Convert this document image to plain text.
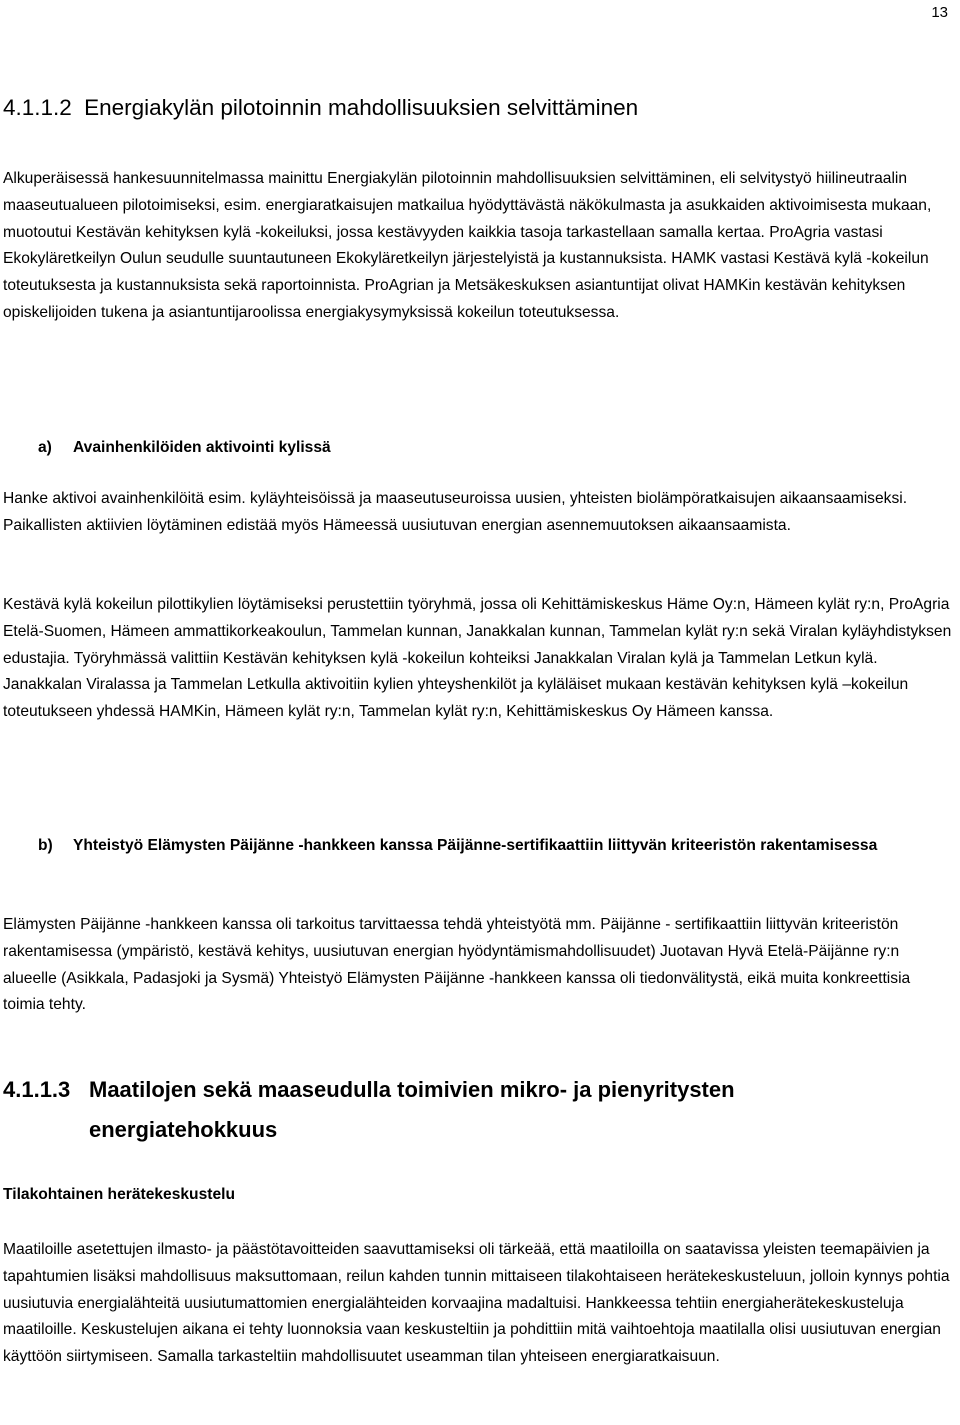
13
4.1.1.2 Energiakylän pilotoinnin mahdollisuuksien selvittäminen

Alkuperäisessä hankesuunnitelmassa mainittu Energiakylän pilotoinnin mahdollisuuksien selvittäminen, eli selvitystyö hiilineutraalin maaseutualueen pilotoimiseksi, esim. energiaratkaisujen matkailua hyödyttävästä näkökulmasta ja asukkaiden aktivoimisesta mukaan, muotoutui Kestävän kehityksen kylä -kokeiluksi, jossa kestävyyden kaikkia tasoja tarkastellaan samalla kertaa. ProAgria vastasi Ekokyläretkeilyn Oulun seudulle suuntautuneen Ekokyläretkeilyn järjestelyistä ja kustannuksista. HAMK vastasi Kestävä kylä -kokeilun toteutuksesta ja kustannuksista sekä raportoinnista. ProAgrian ja Metsäkeskuksen asiantuntijat olivat HAMKin kestävän kehityksen opiskelijoiden tukena ja asiantuntijaroolissa energiakysymyksissä kokeilun toteutuksessa.

a)	Avainhenkilöiden aktivointi kylissä

Hanke aktivoi avainhenkilöitä esim. kyläyhteisöissä ja maaseutuseuroissa uusien, yhteisten biolämpöratkaisujen aikaansaamiseksi. Paikallisten aktiivien löytäminen edistää myös Hämeessä uusiutuvan energian asennemuutoksen aikaansaamista.

Kestävä kylä kokeilun pilottikylien löytämiseksi perustettiin työryhmä, jossa oli Kehittämiskeskus Häme Oy:n, Hämeen kylät ry:n, ProAgria Etelä-Suomen, Hämeen ammattikorkeakoulun, Tammelan kunnan, Janakkalan kunnan, Tammelan kylät ry:n sekä Viralan kyläyhdistyksen edustajia. Työryhmässä valittiin Kestävän kehityksen kylä -kokeilun kohteiksi Janakkalan Viralan kylä ja Tammelan Letkun kylä. Janakkalan Viralassa ja Tammelan Letkulla aktivoitiin kylien yhteyshenkilöt ja kyläläiset mukaan kestävän kehityksen kylä –kokeilun toteutukseen yhdessä HAMKin, Hämeen kylät ry:n, Tammelan kylät ry:n, Kehittämiskeskus Oy Hämeen kanssa.

b)	Yhteistyö Elämysten Päijänne -hankkeen kanssa Päijänne-sertifikaattiin liittyvän kriteeristön rakentamisessa

Elämysten Päijänne -hankkeen kanssa oli tarkoitus tarvittaessa tehdä yhteistyötä mm. Päijänne - sertifikaattiin liittyvän kriteeristön rakentamisessa (ympäristö, kestävä kehitys, uusiutuvan energian hyödyntämismahdollisuudet) Juotavan Hyvä Etelä-Päijänne ry:n alueelle (Asikkala, Padasjoki ja Sysmä) Yhteistyö Elämysten Päijänne -hankkeen kanssa oli tiedonvälitystä, eikä muita konkreettisia toimia tehty.

4.1.1.3 Maatilojen sekä maaseudulla toimivien mikro- ja pienyritysten energiatehokkuus
Tilakohtainen herätekeskustelu

Maatiloille asetettujen ilmasto- ja päästötavoitteiden saavuttamiseksi oli tärkeää, että maatiloilla on saatavissa yleisten teemapäivien ja tapahtumien lisäksi mahdollisuus maksuttomaan, reilun kahden tunnin mittaiseen tilakohtaiseen herätekeskusteluun, jolloin kynnys pohtia uusiutuvia energialähteitä uusiutumattomien energialähteiden korvaajina madaltuisi. Hankkeessa tehtiin energiaherätekeskusteluja maatiloille. Keskustelujen aikana ei tehty luonnoksia vaan keskusteltiin ja pohdittiin mitä vaihtoehtoja maatilalla olisi uusiutuvan energian käyttöön siirtymiseen. Samalla tarkasteltiin mahdollisuutet useamman tilan yhteiseen energiaratkaisuun.
